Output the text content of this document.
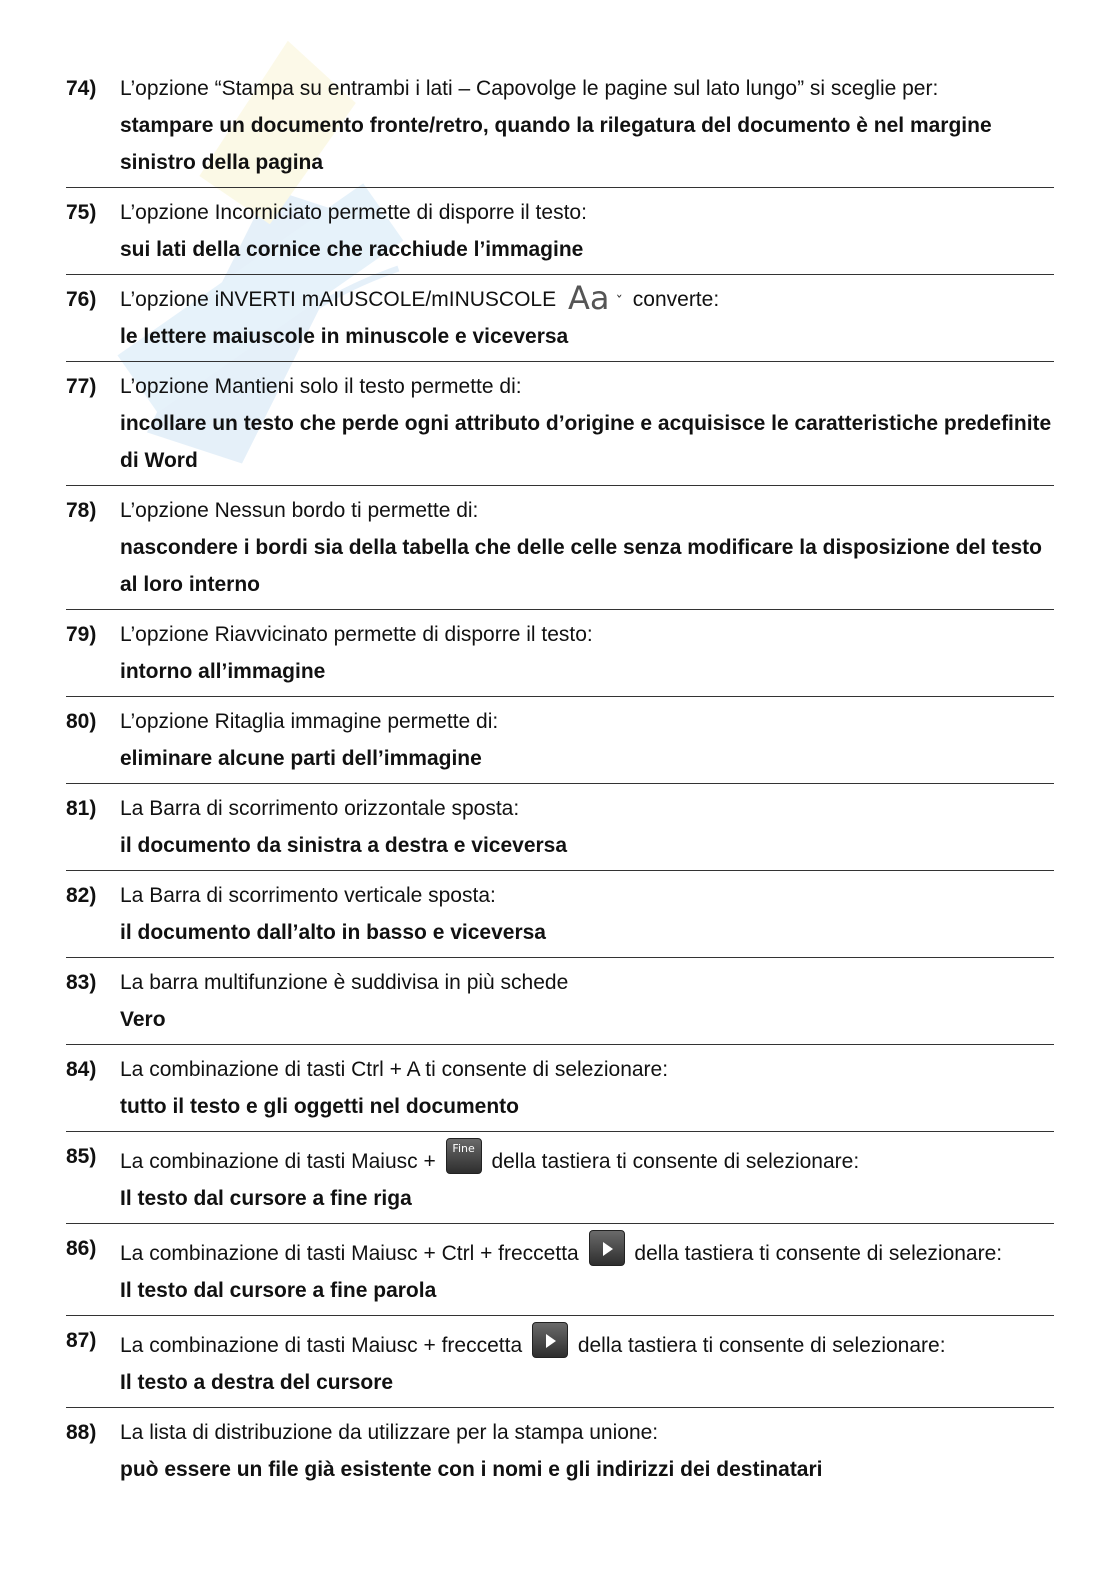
74)	L’opzione “Stampa su entrambi i lati – Capovolge le pagine sul lato lungo” si sceglie per:
stampare un documento fronte/retro, quando la rilegatura del documento è nel margine sinistro della pagina
75)	L’opzione Incorniciato permette di disporre il testo:
sui lati della cornice che racchiude l’immagine
76)	L’opzione iNVERTI mAIUSCOLE/mINUSCOLE Aa ˇ converte:
le lettere maiuscole in minuscole e viceversa
77)	L’opzione Mantieni solo il testo permette di:
incollare un testo che perde ogni attributo d’origine e acquisisce le caratteristiche predefinite di Word
78)	L’opzione Nessun bordo ti permette di:
nascondere i bordi sia della tabella che delle celle senza modificare la disposizione del testo al loro interno
79)	L’opzione Riavvicinato permette di disporre il testo:
intorno all’immagine
80)	L’opzione Ritaglia immagine permette di:
eliminare alcune parti dell’immagine
81)	La Barra di scorrimento orizzontale sposta:
il documento da sinistra a destra e viceversa
82)	La Barra di scorrimento verticale sposta:
il documento dall’alto in basso e viceversa
83)	La barra multifunzione è suddivisa in più schede
Vero
84)	La combinazione di tasti Ctrl + A ti consente di selezionare:
tutto il testo e gli oggetti nel documento
85)	La combinazione di tasti Maiusc +
Fine
della tastiera ti consente di selezionare:
Il testo dal cursore a fine riga
86)	La combinazione di tasti Maiusc + Ctrl + freccetta	della tastiera ti consente di selezionare:
Il testo dal cursore a fine parola
87)	La combinazione di tasti Maiusc + freccetta	della tastiera ti consente di selezionare:
Il testo a destra del cursore
88)	La lista di distribuzione da utilizzare per la stampa unione:
può essere un file già esistente con i nomi e gli indirizzi dei destinatari
